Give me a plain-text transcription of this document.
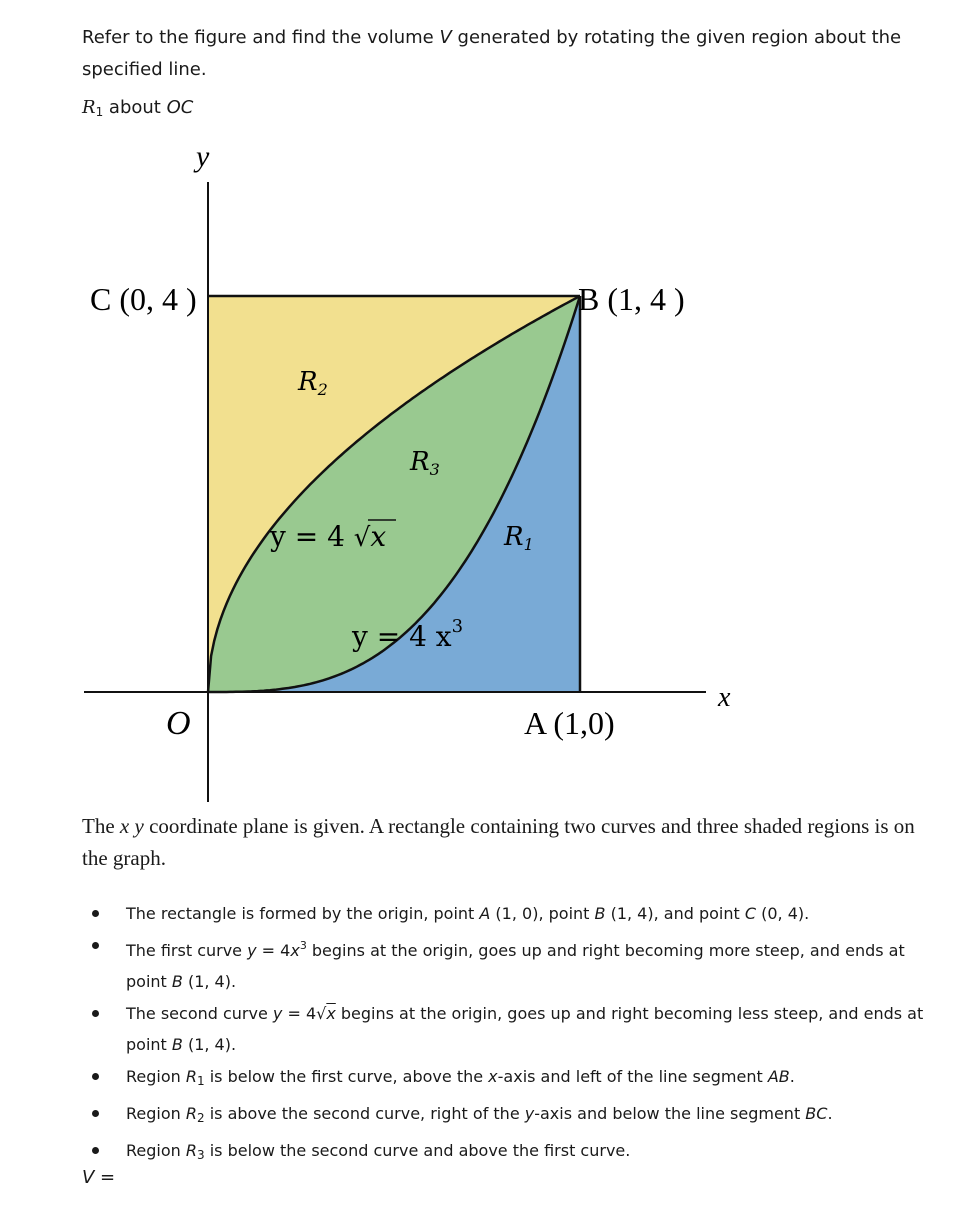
Refer to the figure and find the volume V generated by rotating the given region about the specified line.
$R_1$ about OC
y
x
O
C (0, 4 )	B (1, 4 )
A (1,0)
R2
R3
R1
y = 4 √x
y = 4 $x^3$
The x y coordinate plane is given. A rectangle containing two curves and three shaded regions is on the graph.
The rectangle is formed by the origin, point A (1, 0), point B (1, 4), and point C (0, 4).
The first curve $y = 4x^3$ begins at the origin, goes up and right becoming more steep, and ends at point B (1, 4).
The second curve y = 4√x begins at the origin, goes up and right becoming less steep, and ends at point B (1, 4).
Region $R_1$ is below the first curve, above the x-axis and left of the line segment AB.
Region $R_2$ is above the second curve, right of the y-axis and below the line segment BC.
Region $R_3$ is below the second curve and above the first curve.
V =
